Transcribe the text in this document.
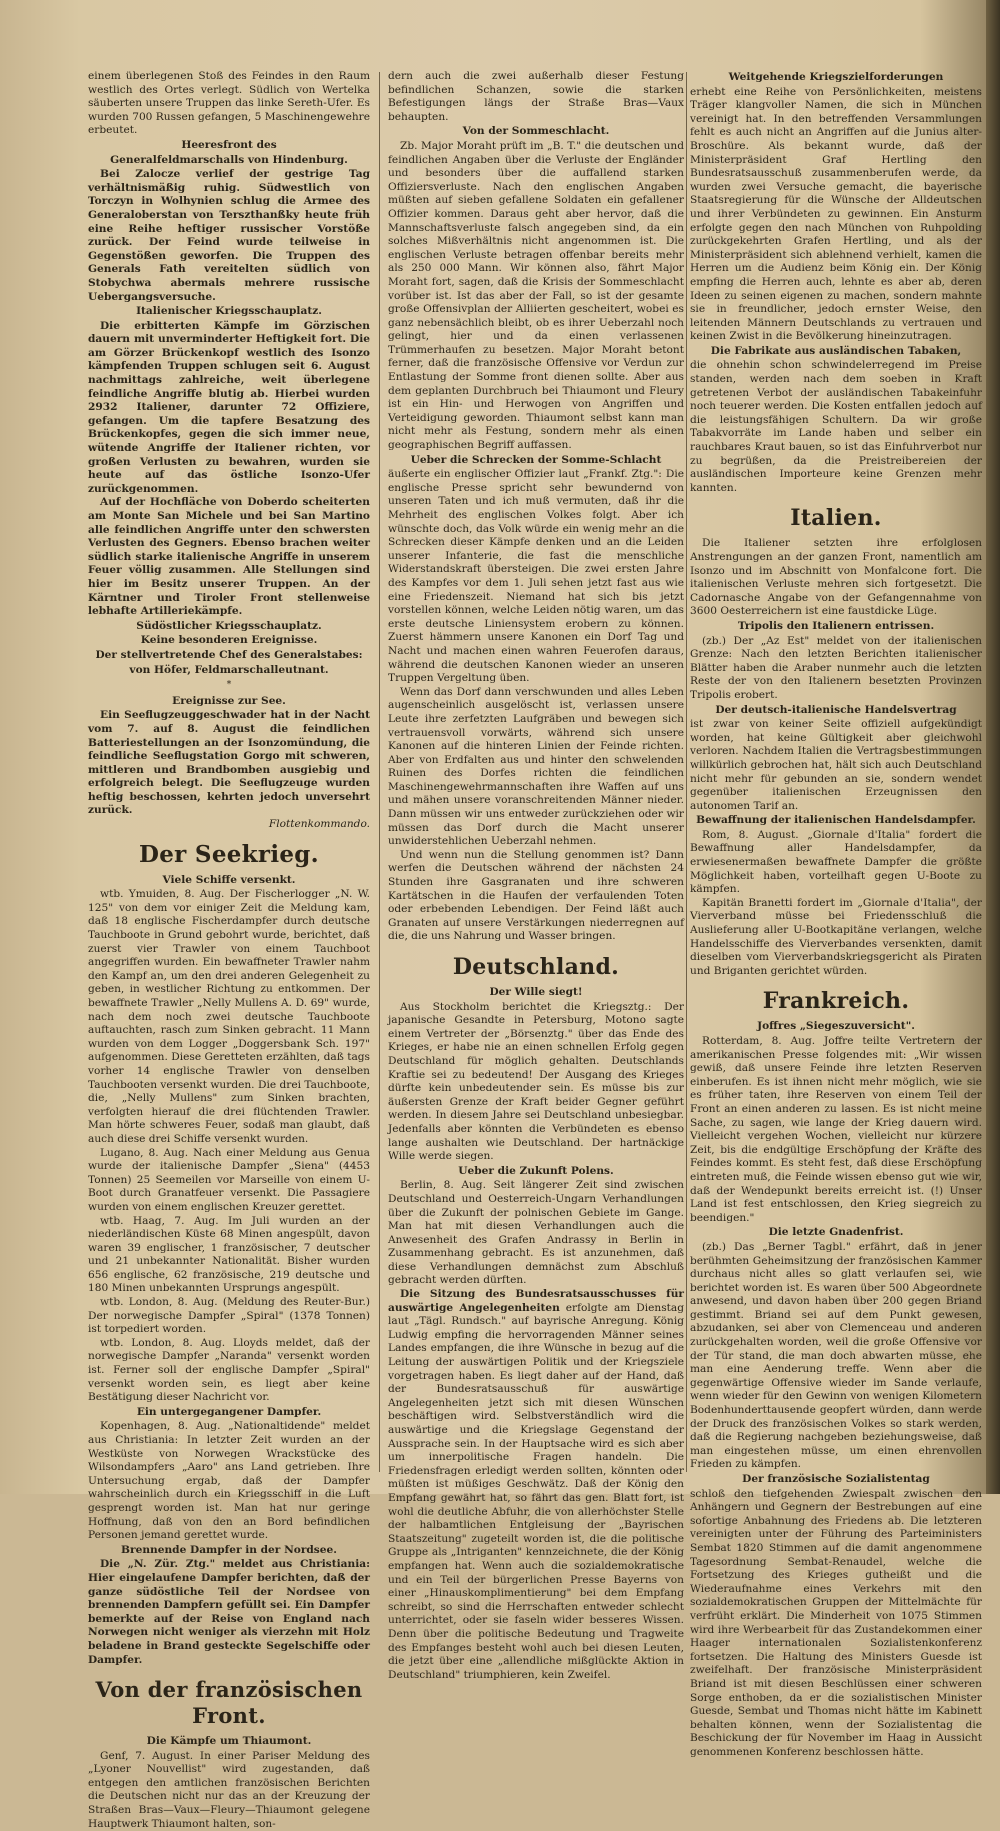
einem überlegenen Stoß des Feindes in den Raum westlich des Ortes verlegt. Südlich von Wertelka säuberten unsere Truppen das linke Sereth-Ufer. Es wurden 700 Russen gefangen, 5 Maschinengewehre erbeutet.

Heeresfront des
Generalfeldmarschalls von Hindenburg.

Bei Zalocze verlief der gestrige Tag verhältnismäßig ruhig. Südwestlich von Torczyn in Wolhynien schlug die Armee des Generaloberstan von Terszthanßky heute früh eine Reihe heftiger russischer Vorstöße zurück. Der Feind wurde teilweise in Gegenstößen geworfen. Die Truppen des Generals Fath vereitelten südlich von Stobychwa abermals mehrere russische Uebergangsversuche.

Italienischer Kriegsschauplatz.

Die erbitterten Kämpfe im Görzischen dauern mit unverminderter Heftigkeit fort. Die am Görzer Brückenkopf westlich des Isonzo kämpfenden Truppen schlugen seit 6. August nachmittags zahlreiche, weit überlegene feindliche Angriffe blutig ab. Hierbei wurden 2932 Italiener, darunter 72 Offiziere, gefangen. Um die tapfere Besatzung des Brückenkopfes, gegen die sich immer neue, wütende Angriffe der Italiener richten, vor großen Verlusten zu bewahren, wurden sie heute auf das östliche Isonzo-Ufer zurückgenommen.

Auf der Hochfläche von Doberdo scheiterten am Monte San Michele und bei San Martino alle feindlichen Angriffe unter den schwersten Verlusten des Gegners. Ebenso brachen weiter südlich starke italienische Angriffe in unserem Feuer völlig zusammen. Alle Stellungen sind hier im Besitz unserer Truppen. An der Kärntner und Tiroler Front stellenweise lebhafte Artilleriekämpfe.

Südöstlicher Kriegsschauplatz.
Keine besonderen Ereignisse.
Der stellvertretende Chef des Generalstabes:
von Höfer, Feldmarschalleutnant.
*
Ereignisse zur See.

Ein Seeflugzeuggeschwader hat in der Nacht vom 7. auf 8. August die feindlichen Batteriestellungen an der Isonzomündung, die feindliche Seeflugstation Gorgo mit schweren, mittleren und Brandbomben ausgiebig und erfolgreich belegt. Die Seeflugzeuge wurden heftig beschossen, kehrten jedoch unversehrt zurück.

Flottenkommando.
Der Seekrieg.
Viele Schiffe versenkt.

wtb. Ymuiden, 8. Aug. Der Fischerlogger „N. W. 125" von dem vor einiger Zeit die Meldung kam, daß 18 englische Fischerdampfer durch deutsche Tauchboote in Grund gebohrt wurde, berichtet, daß zuerst vier Trawler von einem Tauchboot angegriffen wurden. Ein bewaffneter Trawler nahm den Kampf an, um den drei anderen Gelegenheit zu geben, in westlicher Richtung zu entkommen. Der bewaffnete Trawler „Nelly Mullens A. D. 69" wurde, nach dem noch zwei deutsche Tauchboote auftauchten, rasch zum Sinken gebracht. 11 Mann wurden von dem Logger „Doggersbank Sch. 197" aufgenommen. Diese Geretteten erzählten, daß tags vorher 14 englische Trawler von denselben Tauchbooten versenkt wurden. Die drei Tauchboote, die, „Nelly Mullens" zum Sinken brachten, verfolgten hierauf die drei flüchtenden Trawler. Man hörte schweres Feuer, sodaß man glaubt, daß auch diese drei Schiffe versenkt wurden.

Lugano, 8. Aug. Nach einer Meldung aus Genua wurde der italienische Dampfer „Siena" (4453 Tonnen) 25 Seemeilen vor Marseille von einem U-Boot durch Granatfeuer versenkt. Die Passagiere wurden von einem englischen Kreuzer gerettet.

wtb. Haag, 7. Aug. Im Juli wurden an der niederländischen Küste 68 Minen angespült, davon waren 39 englischer, 1 französischer, 7 deutscher und 21 unbekannter Nationalität. Bisher wurden 656 englische, 62 französische, 219 deutsche und 180 Minen unbekannten Ursprungs angespült.

wtb. London, 8. Aug. (Meldung des Reuter-Bur.) Der norwegische Dampfer „Spiral" (1378 Tonnen) ist torpediert worden.

wtb. London, 8. Aug. Lloyds meldet, daß der norwegische Dampfer „Naranda" versenkt worden ist. Ferner soll der englische Dampfer „Spiral" versenkt worden sein, es liegt aber keine Bestätigung dieser Nachricht vor.

Ein untergegangener Dampfer.

Kopenhagen, 8. Aug. „Nationaltidende" meldet aus Christiania: In letzter Zeit wurden an der Westküste von Norwegen Wrackstücke des Wilsondampfers „Aaro" ans Land getrieben. Ihre Untersuchung ergab, daß der Dampfer wahrscheinlich durch ein Kriegsschiff in die Luft gesprengt worden ist. Man hat nur geringe Hoffnung, daß von den an Bord befindlichen Personen jemand gerettet wurde.

Brennende Dampfer in der Nordsee.

Die „N. Zür. Ztg." meldet aus Christiania: Hier eingelaufene Dampfer berichten, daß der ganze südöstliche Teil der Nordsee von brennenden Dampfern gefüllt sei. Ein Dampfer bemerkte auf der Reise von England nach Norwegen nicht weniger als vierzehn mit Holz beladene in Brand gesteckte Segelschiffe oder Dampfer.

Von der französischen Front.
Die Kämpfe um Thiaumont.

Genf, 7. August. In einer Pariser Meldung des „Lyoner Nouvellist" wird zugestanden, daß entgegen den amtlichen französischen Berichten die Deutschen nicht nur das an der Kreuzung der Straßen Bras—Vaux—Fleury—Thiaumont gelegene Hauptwerk Thiaumont halten, son-

dern auch die zwei außerhalb dieser Festung befindlichen Schanzen, sowie die starken Befestigungen längs der Straße Bras—Vaux behaupten.

Von der Sommeschlacht.

Zb. Major Moraht prüft im „B. T." die deutschen und feindlichen Angaben über die Verluste der Engländer und besonders über die auffallend starken Offiziersverluste. Nach den englischen Angaben müßten auf sieben gefallene Soldaten ein gefallener Offizier kommen. Daraus geht aber hervor, daß die Mannschaftsverluste falsch angegeben sind, da ein solches Mißverhältnis nicht angenommen ist. Die englischen Verluste betragen offenbar bereits mehr als 250 000 Mann. Wir können also, fährt Major Moraht fort, sagen, daß die Krisis der Sommeschlacht vorüber ist. Ist das aber der Fall, so ist der gesamte große Offensivplan der Alliierten gescheitert, wobei es ganz nebensächlich bleibt, ob es ihrer Ueberzahl noch gelingt, hier und da einen verlassenen Trümmerhaufen zu besetzen. Major Moraht betont ferner, daß die französische Offensive vor Verdun zur Entlastung der Somme front dienen sollte. Aber aus dem geplanten Durchbruch bei Thiaumont und Fleury ist ein Hin- und Herwogen von Angriffen und Verteidigung geworden. Thiaumont selbst kann man nicht mehr als Festung, sondern mehr als einen geographischen Begriff auffassen.

Ueber die Schrecken der Somme-Schlacht

äußerte ein englischer Offizier laut „Frankf. Ztg.": Die englische Presse spricht sehr bewundernd von unseren Taten und ich muß vermuten, daß ihr die Mehrheit des englischen Volkes folgt. Aber ich wünschte doch, das Volk würde ein wenig mehr an die Schrecken dieser Kämpfe denken und an die Leiden unserer Infanterie, die fast die menschliche Widerstandskraft übersteigen. Die zwei ersten Jahre des Kampfes vor dem 1. Juli sehen jetzt fast aus wie eine Friedenszeit. Niemand hat sich bis jetzt vorstellen können, welche Leiden nötig waren, um das erste deutsche Liniensystem erobern zu können. Zuerst hämmern unsere Kanonen ein Dorf Tag und Nacht und machen einen wahren Feuerofen daraus, während die deutschen Kanonen wieder an unseren Truppen Vergeltung üben.

Wenn das Dorf dann verschwunden und alles Leben augenscheinlich ausgelöscht ist, verlassen unsere Leute ihre zerfetzten Laufgräben und bewegen sich vertrauensvoll vorwärts, während sich unsere Kanonen auf die hinteren Linien der Feinde richten. Aber von Erdfalten aus und hinter den schwelenden Ruinen des Dorfes richten die feindlichen Maschinengewehrmannschaften ihre Waffen auf uns und mähen unsere voranschreitenden Männer nieder. Dann müssen wir uns entweder zurückziehen oder wir müssen das Dorf durch die Macht unserer unwiderstehlichen Ueberzahl nehmen.

Und wenn nun die Stellung genommen ist? Dann werfen die Deutschen während der nächsten 24 Stunden ihre Gasgranaten und ihre schweren Kartätschen in die Haufen der verfaulenden Toten oder erbebenden Lebendigen. Der Feind läßt auch Granaten auf unsere Verstärkungen niederregnen auf die, die uns Nahrung und Wasser bringen.

Deutschland.
Der Wille siegt!

Aus Stockholm berichtet die Kriegsztg.: Der japanische Gesandte in Petersburg, Motono sagte einem Vertreter der „Börsenztg." über das Ende des Krieges, er habe nie an einen schnellen Erfolg gegen Deutschland für möglich gehalten. Deutschlands Kraftie sei zu bedeutend! Der Ausgang des Krieges dürfte kein unbedeutender sein. Es müsse bis zur äußersten Grenze der Kraft beider Gegner geführt werden. In diesem Jahre sei Deutschland unbesiegbar. Jedenfalls aber könnten die Verbündeten es ebenso lange aushalten wie Deutschland. Der hartnäckige Wille werde siegen.

Ueber die Zukunft Polens.

Berlin, 8. Aug. Seit längerer Zeit sind zwischen Deutschland und Oesterreich-Ungarn Verhandlungen über die Zukunft der polnischen Gebiete im Gange. Man hat mit diesen Verhandlungen auch die Anwesenheit des Grafen Andrassy in Berlin in Zusammenhang gebracht. Es ist anzunehmen, daß diese Verhandlungen demnächst zum Abschluß gebracht werden dürften.

Die Sitzung des Bundesratsausschusses für auswärtige Angelegenheiten erfolgte am Dienstag laut „Tägl. Rundsch." auf bayrische Anregung. König Ludwig empfing die hervorragenden Männer seines Landes empfangen, die ihre Wünsche in bezug auf die Leitung der auswärtigen Politik und der Kriegsziele vorgetragen haben. Es liegt daher auf der Hand, daß der Bundesratsausschuß für auswärtige Angelegenheiten jetzt sich mit diesen Wünschen beschäftigen wird. Selbstverständlich wird die auswärtige und die Kriegslage Gegenstand der Aussprache sein. In der Hauptsache wird es sich aber um innerpolitische Fragen handeln. Die Friedensfragen erledigt werden sollten, könnten oder müßten ist müßiges Geschwätz. Daß der König den Empfang gewährt hat, so fährt das gen. Blatt fort, ist wohl die deutliche Abfuhr, die von allerhöchster Stelle der halbamtlichen Entgleisung der „Bayrischen Staatszeitung" zugeteilt worden ist, die die politische Gruppe als „Intriganten" kennzeichnete, die der König empfangen hat. Wenn auch die sozialdemokratische und ein Teil der bürgerlichen Presse Bayerns von einer „Hinauskomplimentierung" bei dem Empfang schreibt, so sind die Herrschaften entweder schlecht unterrichtet, oder sie faseln wider besseres Wissen. Denn über die politische Bedeutung und Tragweite des Empfanges besteht wohl auch bei diesen Leuten, die jetzt über eine „allendliche mißglückte Aktion in Deutschland" triumphieren, kein Zweifel.

Weitgehende Kriegszielforderungen

erhebt eine Reihe von Persönlichkeiten, meistens Träger klangvoller Namen, die sich in München vereinigt hat. In den betreffenden Versammlungen fehlt es auch nicht an Angriffen auf die Junius alter-Broschüre. Als bekannt wurde, daß der Ministerpräsident Graf Hertling den Bundesratsausschuß zusammenberufen werde, da wurden zwei Versuche gemacht, die bayerische Staatsregierung für die Wünsche der Alldeutschen und ihrer Verbündeten zu gewinnen. Ein Ansturm erfolgte gegen den nach München von Ruhpolding zurückgekehrten Grafen Hertling, und als der Ministerpräsident sich ablehnend verhielt, kamen die Herren um die Audienz beim König ein. Der König empfing die Herren auch, lehnte es aber ab, deren Ideen zu seinen eigenen zu machen, sondern mahnte sie in freundlicher, jedoch ernster Weise, den leitenden Männern Deutschlands zu vertrauen und keinen Zwist in die Bevölkerung hineinzutragen.

Die Fabrikate aus ausländischen Tabaken,

die ohnehin schon schwindelerregend im Preise standen, werden nach dem soeben in Kraft getretenen Verbot der ausländischen Tabakeinfuhr noch teuerer werden. Die Kosten entfallen jedoch auf die leistungsfähigen Schultern. Da wir große Tabakvorräte im Lande haben und selber ein rauchbares Kraut bauen, so ist das Einfuhrverbot nur zu begrüßen, da die Preistreibereien der ausländischen Importeure keine Grenzen mehr kannten.

Italien.

Die Italiener setzten ihre erfolglosen Anstrengungen an der ganzen Front, namentlich am Isonzo und im Abschnitt von Monfalcone fort. Die italienischen Verluste mehren sich fortgesetzt. Die Cadornasche Angabe von der Gefangennahme von 3600 Oesterreichern ist eine faustdicke Lüge.

Tripolis den Italienern entrissen.

(zb.) Der „Az Est" meldet von der italienischen Grenze: Nach den letzten Berichten italienischer Blätter haben die Araber nunmehr auch die letzten Reste der von den Italienern besetzten Provinzen Tripolis erobert.

Der deutsch-italienische Handelsvertrag

ist zwar von keiner Seite offiziell aufgekündigt worden, hat keine Gültigkeit aber gleichwohl verloren. Nachdem Italien die Vertragsbestimmungen willkürlich gebrochen hat, hält sich auch Deutschland nicht mehr für gebunden an sie, sondern wendet gegenüber italienischen Erzeugnissen den autonomen Tarif an.

Bewaffnung der italienischen Handelsdampfer.

Rom, 8. August. „Giornale d'Italia" fordert die Bewaffnung aller Handelsdampfer, da erwiesenermaßen bewaffnete Dampfer die größte Möglichkeit haben, vorteilhaft gegen U-Boote zu kämpfen.

Kapitän Branetti fordert im „Giornale d'Italia", der Vierverband müsse bei Friedensschluß die Auslieferung aller U-Bootkapitäne verlangen, welche Handelsschiffe des Vierverbandes versenkten, damit dieselben vom Vierverbandskriegsgericht als Piraten und Briganten gerichtet würden.

Frankreich.
Joffres „Siegeszuversicht".

Rotterdam, 8. Aug. Joffre teilte Vertretern der amerikanischen Presse folgendes mit: „Wir wissen gewiß, daß unsere Feinde ihre letzten Reserven einberufen. Es ist ihnen nicht mehr möglich, wie sie es früher taten, ihre Reserven von einem Teil der Front an einen anderen zu lassen. Es ist nicht meine Sache, zu sagen, wie lange der Krieg dauern wird. Vielleicht vergehen Wochen, vielleicht nur kürzere Zeit, bis die endgültige Erschöpfung der Kräfte des Feindes kommt. Es steht fest, daß diese Erschöpfung eintreten muß, die Feinde wissen ebenso gut wie wir, daß der Wendepunkt bereits erreicht ist. (!) Unser Land ist fest entschlossen, den Krieg siegreich zu beendigen."

Die letzte Gnadenfrist.

(zb.) Das „Berner Tagbl." erfährt, daß in jener berühmten Geheimsitzung der französischen Kammer durchaus nicht alles so glatt verlaufen sei, wie berichtet worden ist. Es waren über 500 Abgeordnete anwesend, und davon haben über 200 gegen Briand gestimmt. Briand sei auf dem Punkt gewesen, abzudanken, sei aber von Clemenceau und anderen zurückgehalten worden, weil die große Offensive vor der Tür stand, die man doch abwarten müsse, ehe man eine Aenderung treffe. Wenn aber die gegenwärtige Offensive wieder im Sande verlaufe, wenn wieder für den Gewinn von wenigen Kilometern Bodenhunderttausende geopfert würden, dann werde der Druck des französischen Volkes so stark werden, daß die Regierung nachgeben beziehungsweise, daß man eingestehen müsse, um einen ehrenvollen Frieden zu kämpfen.

Der französische Sozialistentag

schloß den tiefgehenden Zwiespalt zwischen den Anhängern und Gegnern der Bestrebungen auf eine sofortige Anbahnung des Friedens ab. Die letzteren vereinigten unter der Führung des Parteiministers Sembat 1820 Stimmen auf die damit angenommene Tagesordnung Sembat-Renaudel, welche die Fortsetzung des Krieges gutheißt und die Wiederaufnahme eines Verkehrs mit den sozialdemokratischen Gruppen der Mittelmächte für verfrüht erklärt. Die Minderheit von 1075 Stimmen wird ihre Werbearbeit für das Zustandekommen einer Haager internationalen Sozialistenkonferenz fortsetzen. Die Haltung des Ministers Guesde ist zweifelhaft. Der französische Ministerpräsident Briand ist mit diesen Beschlüssen einer schweren Sorge enthoben, da er die sozialistischen Minister Guesde, Sembat und Thomas nicht hätte im Kabinett behalten können, wenn der Sozialistentag die Beschickung der für November im Haag in Aussicht genommenen Konferenz beschlossen hätte.
